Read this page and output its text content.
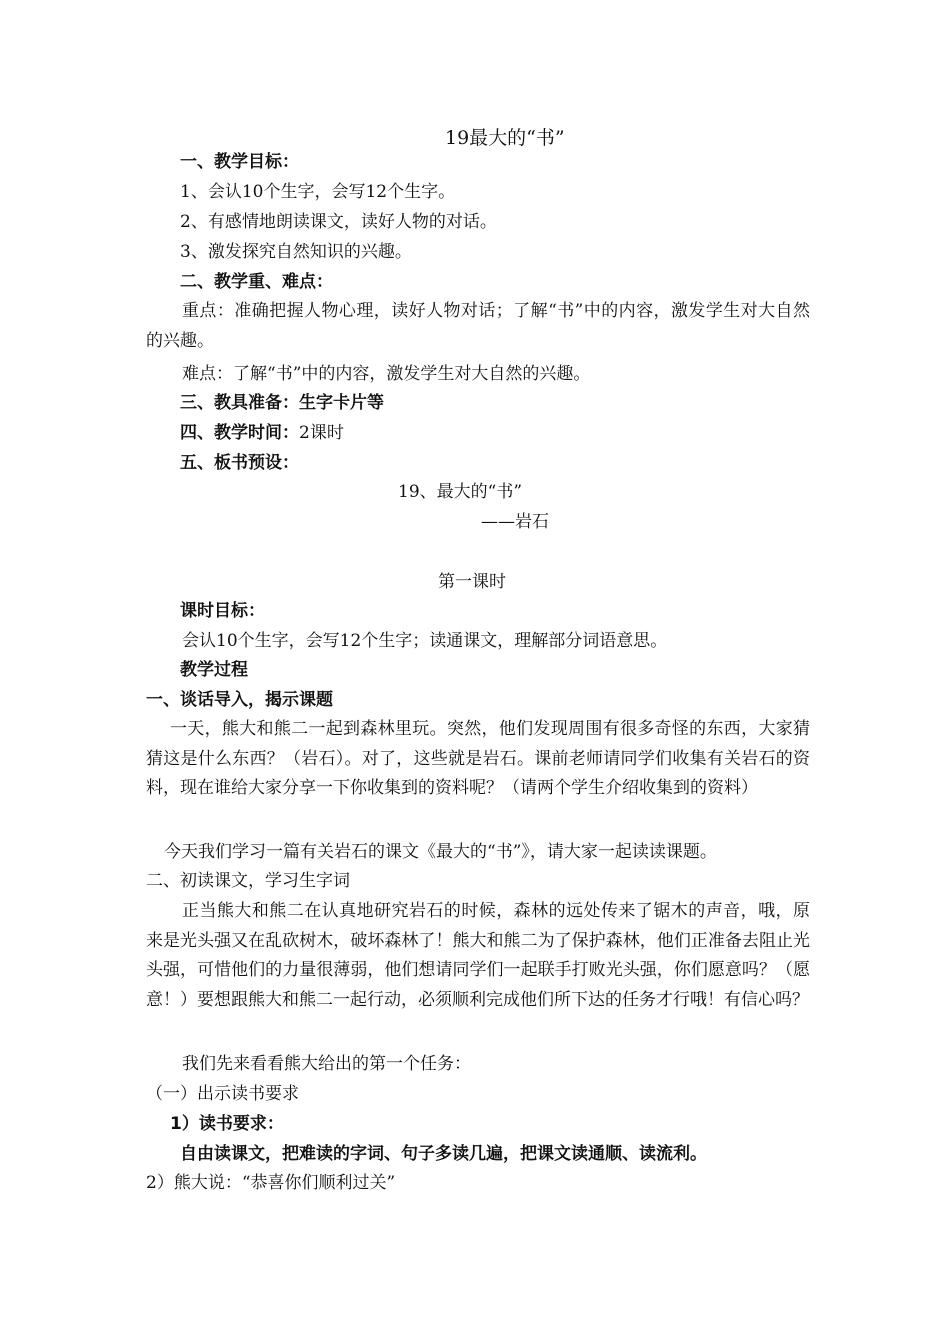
19最大的“书”
一、教学目标：
1、会认10个生字，会写12个生字。
2、有感情地朗读课文，读好人物的对话。
3、激发探究自然知识的兴趣。
二、教学重、难点：
重点：准确把握人物心理，读好人物对话；了解“书”中的内容，激发学生对大自然的兴趣。
难点：了解“书”中的内容，激发学生对大自然的兴趣。
三、教具准备：生字卡片等
四、教学时间：2课时
五、板书预设：
19、最大的“书”
——岩石
第一课时
课时目标：
会认10个生字，会写12个生字；读通课文，理解部分词语意思。
教学过程
一、谈话导入，揭示课题
一天，熊大和熊二一起到森林里玩。突然，他们发现周围有很多奇怪的东西，大家猜猜这是什么东西？（岩石）。对了，这些就是岩石。课前老师请同学们收集有关岩石的资料，现在谁给大家分享一下你收集到的资料呢？（请两个学生介绍收集到的资料）
今天我们学习一篇有关岩石的课文《最大的“书”》，请大家一起读读课题。
二、初读课文，学习生字词
正当熊大和熊二在认真地研究岩石的时候，森林的远处传来了锯木的声音，哦，原来是光头强又在乱砍树木，破坏森林了！熊大和熊二为了保护森林，他们正准备去阻止光头强，可惜他们的力量很薄弱，他们想请同学们一起联手打败光头强，你们愿意吗？（愿意！）要想跟熊大和熊二一起行动，必须顺利完成他们所下达的任务才行哦！有信心吗？
我们先来看看熊大给出的第一个任务：
（一）出示读书要求
1）读书要求：
自由读课文，把难读的字词、句子多读几遍，把课文读通顺、读流利。
2）熊大说：“恭喜你们顺利过关”
